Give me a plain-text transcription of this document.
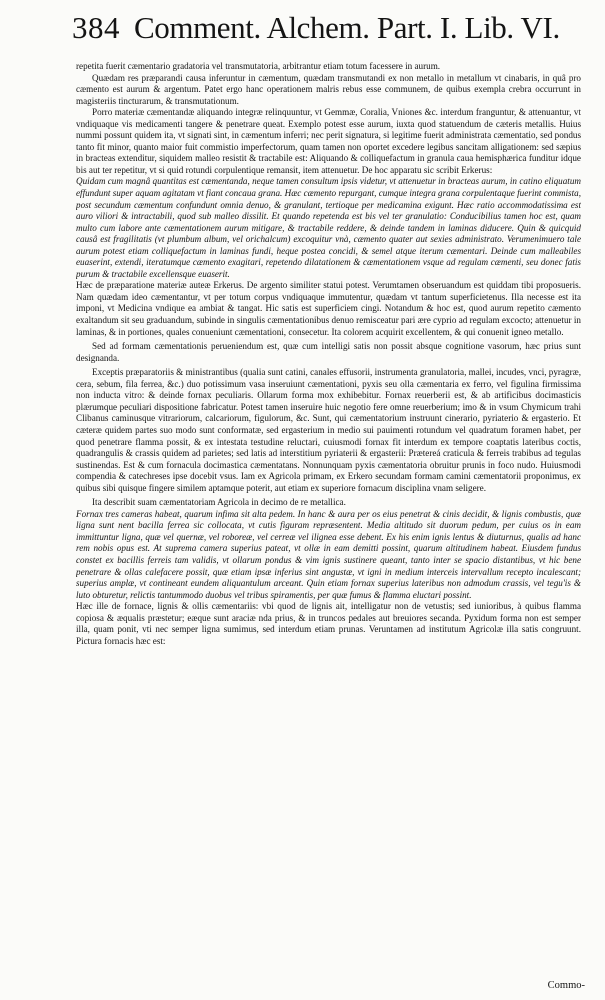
384 Comment. Alchem. Part. I. Lib. VI.

repetita fuerit cæmentario gradatoria vel transmutatoria, arbitrantur etiam totum facessere in aurum.

Quædam res præparandi causa inferuntur in cæmentum, quædam transmutandi ex non metallo in metallum vt cinabaris, in quâ pro cæmento est aurum & argentum. Patet ergo hanc operationem malris rebus esse communem, de quibus exempla crebra occurrunt in magisteriis tincturarum, & transmutationum.

Porro materiæ cæmentandæ aliquando integræ relinquuntur, vt Gemmæ, Coralia, Vniones &c. interdum franguntur, & attenuantur, vt vndiquaque vis medicamenti tangere & penetrare queat. Exemplo potest esse aurum, iuxta quod statuendum de cæteris metallis. Huius nummi possunt quidem ita, vt signati sint, in cæmentum inferri; nec perit signatura, si legitime fuerit administrata cæmentatio, sed pondus tanto fit minor, quanto maior fuit commistio imperfectorum, quam tamen non oportet excedere legibus sancitam alligationem: sed sæpius in bracteas extenditur, siquidem malleo resistit & tractabile est: Aliquando & colliquefactum in granula caua hemisphærica funditur idque bis aut ter repetitur, vt si quid rotundi corpulentique remansit, item attenuetur. De hoc apparatu sic scribit Erkerus:

Quidam cum magnâ quantitas est cæmentanda, neque tamen consultum ipsis videtur, vt attenuetur in bracteas aurum, in catino eliquatum effundunt super aquam agitatam vt fiant concaua grana. Hæc cæmento repurgant, cumque integra grana corpulentaque fuerint commista, post secundum cæmentum confundunt omnia denuo, & granulant, tertioque per medicamina exigunt. Hæc ratio accommodatissima est auro viliori & intractabili, quod sub malleo dissilit. Et quando repetenda est bis vel ter granulatio: Conducibilius tamen hoc est, quam multo cum labore ante cæmentationem aurum mitigare, & tractabile reddere, & deinde tandem in laminas diducere. Quin & quicquid causâ est fragilitatis (vt plumbum album, vel orichalcum) excoquitur vnà, cæmento quater aut sexies administrato. Verumenimuero tale aurum potest etiam colliquefactum in laminas fundi, heque postea concidi, & semel atque iterum cæmentari. Deinde cum malleabiles euaserint, extendi, iteratumque cæmento exagitari, repetendo dilatationem & cæmentationem vsque ad regulam cæmenti, seu donec fatis purum & tractabile excellensque euaserit.

Hæc de præparatione materiæ auteæ Erkerus. De argento similiter statui potest. Verumtamen obseruandum est quiddam tibi proposueris. Nam quædam ideo cæmentantur, vt per totum corpus vndiquaque immutentur, quædam vt tantum superficietenus. Illa necesse est ita imponi, vt Medicina vndique ea ambiat & tangat. Hic satis est superficiem cingi. Notandum & hoc est, quod aurum repetito cæmento exaltandum sit seu graduandum, subinde in singulis cæmentationibus denuo remisceatur pari ære cyprio ad regulam excocto; attenuetur in laminas, & in portiones, quales conueniunt cæmentationi, consecetur. Ita colorem acquirit excellentem, & qui conuenit igneo metallo.

Sed ad formam cæmentationis perueniendum est, quæ cum intelligi satis non possit absque cognitione vasorum, hæc prius sunt designanda.

Exceptis præparatoriis & ministrantibus (qualia sunt catini, canales effusorii, instrumenta granulatoria, mallei, incudes, vnci, pyragræ, cera, sebum, fila ferrea, &c.) duo potissimum vasa inseruiunt cæmentationi, pyxis seu olla cæmentaria ex ferro, vel figulina firmissima non inducta vitro: & deinde fornax peculiaris. Ollarum forma mox exhibebitur. Fornax reuerberii est, & ab artificibus docimasticis plærumque peculiari dispositione fabricatur. Potest tamen inseruire huic negotio fere omne reuerberium; imo & in vsum Chymicum trahi Clibanus caminusque vitrariorum, calcariorum, figulorum, &c. Sunt, qui cæmentatorium instruunt cinerario, pyriaterio & ergasterio. Et cæteræ quidem partes suo modo sunt conformatæ, sed ergasterium in medio sui pauimenti rotundum vel quadratum foramen habet, per quod penetrare flamma possit, & ex intestata testudine reluctari, cuiusmodi fornax fit interdum ex tempore coaptatis lateribus coctis, quadrangulis & crassis quidem ad parietes; sed latis ad interstitium pyriaterii & ergasterii: Prætereá craticula & ferreis trabibus ad tegulas sustinendas. Est & cum fornacula docimastica cæmentatans. Nonnunquam pyxis cæmentatoria obruitur prunis in foco nudo. Huiusmodi compendia & catechreses ipse docebit vsus. Iam ex Agricola primam, ex Erkero secundam formam camini cæmentatorii proponimus, ex quibus sibi quisque fingere similem aptamque poterit, aut etiam ex superiore fornacum disciplina vnam seligere.

Ita describit suam cæmentatoriam Agricola in decimo de re metallica.

Fornax tres cameras habeat, quarum infima sit alta pedem. In hanc & aura per os eius penetrat & cinis decidit, & lignis combustis, quæ ligna sunt nent bacilla ferrea sic collocata, vt cutis figuram repræsentent. Media altitudo sit duorum pedum, per cuius os in eam immittuntur ligna, quæ vel quernæ, vel roboreæ, vel cerreæ vel ilignea esse debent. Ex his enim ignis lentus & diuturnus, qualis ad hanc rem nobis opus est. At suprema camera superius pateat, vt ollæ in eam demitti possint, quarum altitudinem habeat. Eiusdem fundus constet ex bacillis ferreis tam validis, vt ollarum pondus & vim ignis sustinere queant, tanto inter se spacio distantibus, vt hic bene penetrare & ollas calefacere possit, quæ etiam ipsæ inferius sint angustæ, vt igni in medium interceis intervallum recepto incalescant; superius amplæ, vt contineant eundem aliquantulum arceant. Quin etiam fornax superius lateribus non admodum crassis, vel tegu'is & luto obturetur, relictis tantummodo duobus vel tribus spiramentis, per quæ fumus & flamma eluctari possint.

Hæc ille de fornace, lignis & ollis cæmentariis: vbi quod de lignis ait, intelligatur non de vetustis; sed iunioribus, à quibus flamma copiosa & æqualis præstetur; eæque sunt araciæ nda prius, & in truncos pedales aut breuiores secanda. Pyxidum forma non est semper illa, quam ponit, vti nec semper ligna sumimus, sed interdum etiam prunas. Veruntamen ad institutum Agricolæ illa satis congruunt. Pictura fornacis hæc est:

Commo-
